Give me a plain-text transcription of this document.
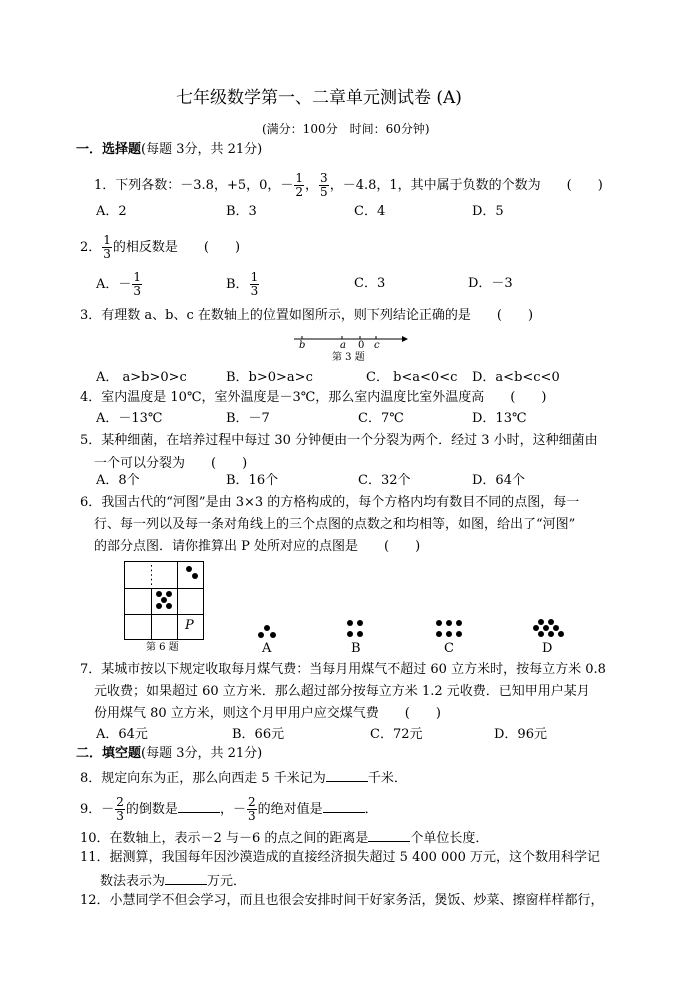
七年级数学第一、二章单元测试卷 (A)
(满分：100分　时间：60分钟)
一．选择题(每题 3分，共 21分)
1．下列各数：－3.8，+5，0，－ $\frac{1}{2}$ ， $\frac{3}{5}$ ，－4.8，1，其中属于负数的个数为　　(　　)
A．2	B．3	C．4	D．5
2． $\frac{1}{3}$ 的相反数是　　(　　)
A．－ $\frac{1}{3}$	B． $\frac{1}{3}$	C．3	D．－3
3．有理数 a、b、c 在数轴上的位置如图所示，则下列结论正确的是　　(　　)
b	a 0 c
第 3 题
A． a>b>0>c	B．b>0>a>c	C． b<a<0<c D．a<b<c<0
4．室内温度是 10℃，室外温度是－3℃，那么室内温度比室外温度高　　(　　)
A．－13℃	B．－7	C．7℃	D．13℃
5．某种细菌，在培养过程中每过 30 分钟便由一个分裂为两个．经过 3 小时，这种细菌由
一个可以分裂为　　(　　)
A．8个	B．16个	C．32个	D．64个
6．我国古代的“河图”是由 3×3 的方格构成的，每个方格内均有数目不同的点图，每一
行、每一列以及每一条对角线上的三个点图的点数之和均相等，如图，给出了“河图”
的部分点图．请你推算出 P 处所对应的点图是　　(　　)
P
第 6 题	A	B	C	D
7．某城市按以下规定收取每月煤气费：当每月用煤气不超过 60 立方米时，按每立方米 0.8
元收费；如果超过 60 立方米．那么超过部分按每立方米 1.2 元收费．已知甲用户某月
份用煤气 80 立方米，则这个月甲用户应交煤气费　　(　　)
A．64元	B．66元	C．72元	D．96元
二．填空题(每题 3分，共 21分)
8．规定向东为正，那么向西走 5 千米记为	千米．
9．－ $\frac{2}{3}$ 的倒数是	，－ $\frac{2}{3}$ 的绝对值是	．
10．在数轴上，表示－2 与－6 的点之间的距离是	个单位长度．
11．据测算，我国每年因沙漠造成的直接经济损失超过 5 400 000 万元，这个数用科学记
数法表示为	万元．
12．小慧同学不但会学习，而且也很会安排时间干好家务活，煲饭、炒菜、擦窗样样都行，
